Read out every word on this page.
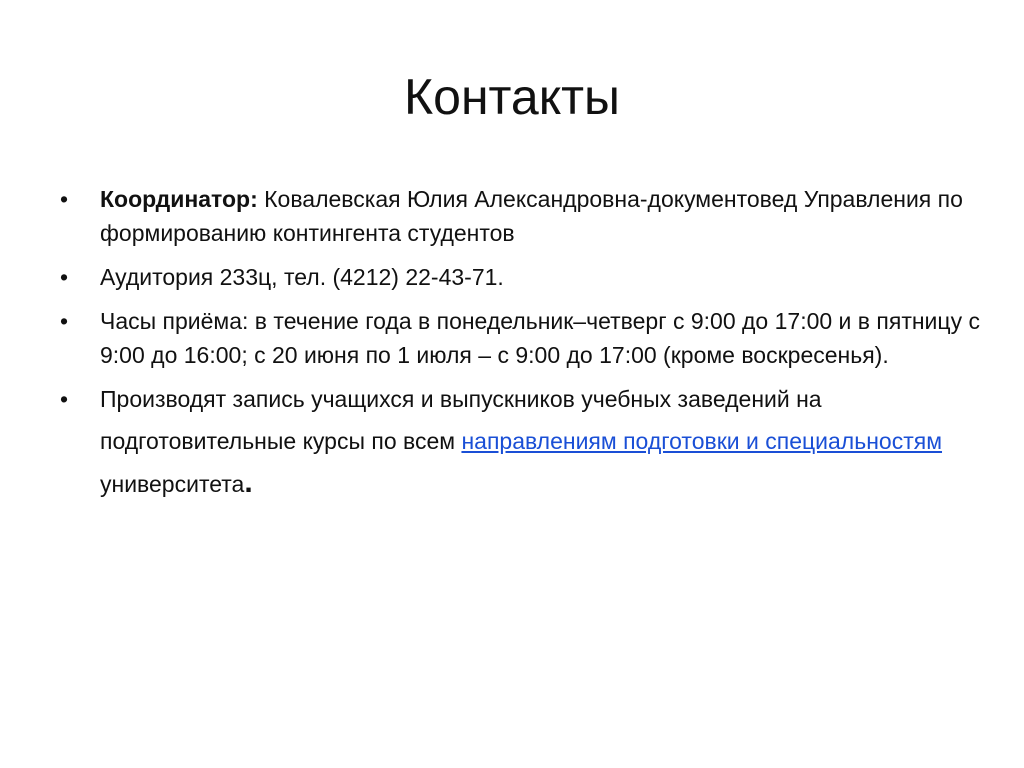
Контакты
•	Координатор: Ковалевская Юлия Александровна-документовед Управления по формированию контингента студентов
•	Аудитория 233ц, тел. (4212) 22-43-71.
•	Часы приёма: в течение года в понедельник–четверг с 9:00 до 17:00 и в пятницу с 9:00 до 16:00; с 20 июня по 1 июля – с 9:00 до 17:00 (кроме воскресенья).
•	Производят запись учащихся и выпускников учебных заведений на подготовительные курсы по всем направлениям подготовки и специальностям университета.
